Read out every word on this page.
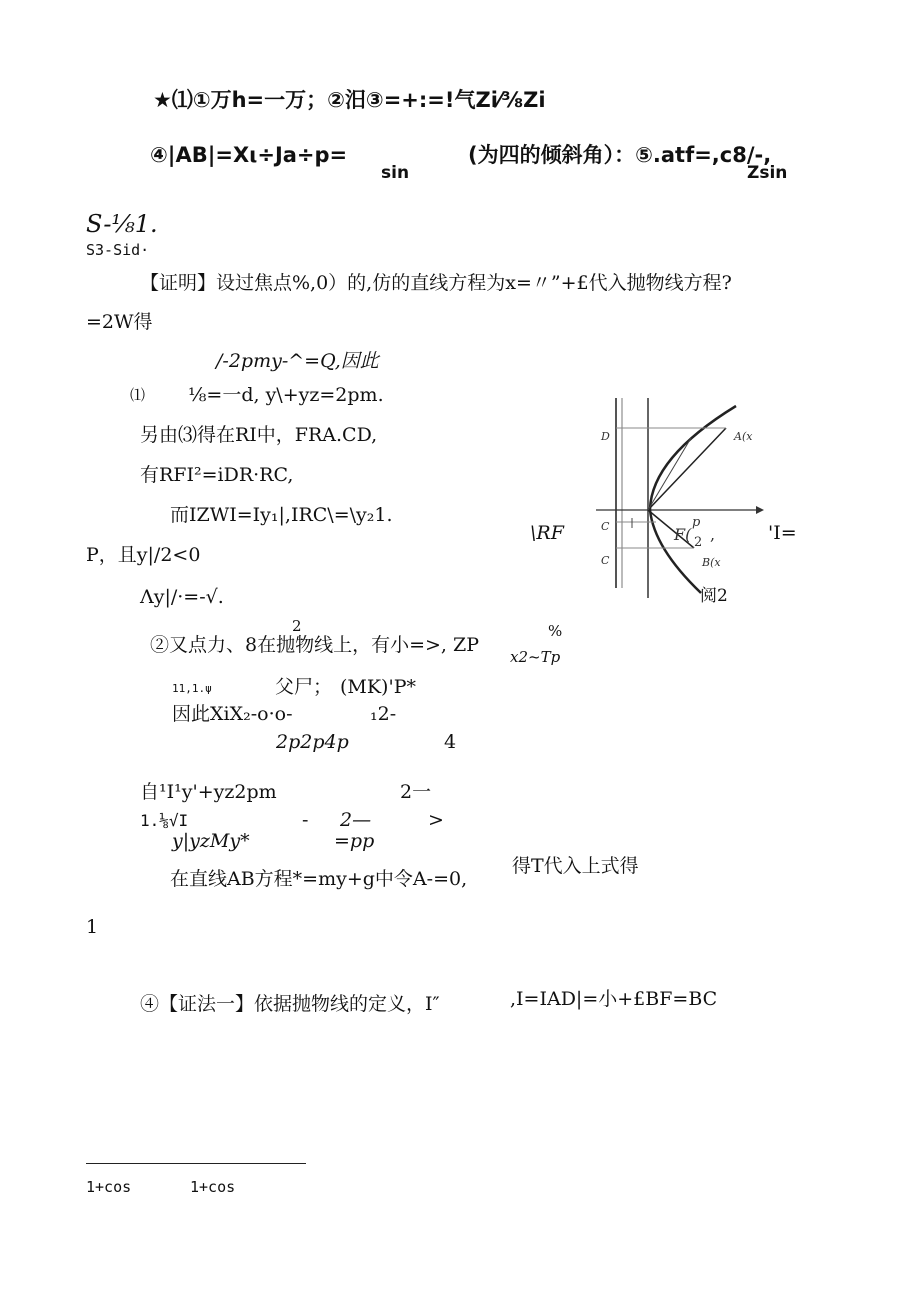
★⑴①万h=一万；②汨③=+:=!气Zi⁄⅜Zi
④|AB|=Xι÷Ja÷p=
sin
(为四的倾斜角）：⑤.atf=,c8/-,
Zsin
S-⅛1.
S3-Sid·
【证明】设过焦点%,0）的,仿的直线方程为x=〃”+£代入抛物线方程?
=2W得
/-2pmy-^=Q,因此
⑴ ⅛=一d, y\+yz=2pm.
另由⑶得在RI中，FRA.CD,
有RFI²=iDR·RC,
而IZWI=Iy₁|,IRC\=\y₂1.
\RF	'I=
P，且y|/2<0
Λy|/·=-√.
2
②又点力、8在抛物线上，有小=>, ZP
%
x2~Tp
11,1.ψ	父尸； (MK)'P*
因此XiX₂-o·o-	₁2-
2p2p4p	4
自¹I¹y'+yz2pm	2一
1.⅛√I	- 2—	>
y|yzMy*	=pp
在直线AB方程*=my+g中令A-=0,
得T代入上式得
1
④【证法一】依据抛物线的定义，I″	,I=IAD|=小+£BF=BC
D	A(x
F(
p
2 ,
B(x
C
C
阅2
1+cos	1+cos
